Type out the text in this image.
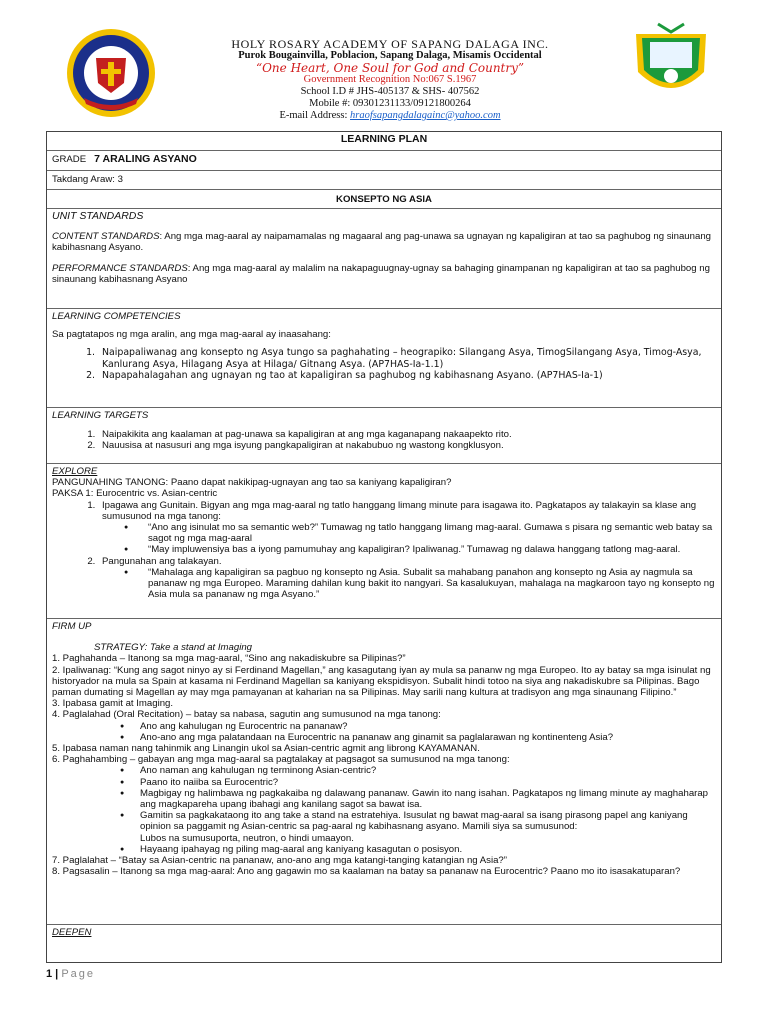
HOLY ROSARY ACADEMY OF SAPANG DALAGA INC.
Purok Bougainvilla, Poblacion, Sapang Dalaga, Misamis Occidental
“One Heart, One Soul for God and Country”
Government Recognition No:067 S.1967
School I.D # JHS-405137 & SHS- 407562
Mobile #: 09301231133/09121800264
E-mail Address: hraofsapangdalagainc@yahoo.com
LEARNING PLAN
GRADE 7 ARALING ASYANO
Takdang Araw: 3
KONSEPTO NG ASIA

UNIT STANDARDS

CONTENT STANDARDS: Ang mga mag-aaral ay naipamamalas ng magaaral ang pag-unawa sa ugnayan ng kapaligiran at tao sa paghubog ng sinaunang kabihasnang Asyano.

PERFORMANCE STANDARDS: Ang mga mag-aaral ay malalim na nakapaguugnay-ugnay sa bahaging ginampanan ng kapaligiran at tao sa paghubog ng sinaunang kabihasnang Asyano

LEARNING COMPETENCIES

Sa pagtatapos ng mga aralin, ang mga mag-aaral ay inaasahang:

1. Naipapaliwanag ang konsepto ng Asya tungo sa paghahating – heograpiko: Silangang Asya, TimogSilangang Asya, Timog-Asya, Kanlurang Asya, Hilagang Asya at Hilaga/ Gitnang Asya. (AP7HAS-Ia-1.1)
2. Napapahalagahan ang ugnayan ng tao at kapaligiran sa paghubog ng kabihasnang Asyano. (AP7HAS-Ia-1)

LEARNING TARGETS

1. Naipakikita ang kaalaman at pag-unawa sa kapaligiran at ang mga kaganapang nakaapekto rito.
2. Nauusisa at nasusuri ang mga isyung pangkapaligiran at nakabubuo ng wastong kongklusyon.

EXPLORE

PANGUNAHING TANONG: Paano dapat nakikipag-ugnayan ang tao sa kaniyang kapaligiran?

PAKSA 1: Eurocentric vs. Asian-centric

1. Ipagawa ang Gunitain. Bigyan ang mga mag-aaral ng tatlo hanggang limang minute para isagawa ito. Pagkatapos ay talakayin sa klase ang sumusunod na mga tanong:
● “Ano ang isinulat mo sa semantic web?” Tumawag ng tatlo hanggang limang mag-aaral. Gumawa s pisara ng semantic web batay sa sagot ng mga mag-aaral
● “May impluwensiya bas a iyong pamumuhay ang kapaligiran? Ipaliwanag.” Tumawag ng dalawa hanggang tatlong mag-aaral.
2. Pangunahan ang talakayan.
● “Mahalaga ang kapaligiran sa pagbuo ng konsepto ng Asia. Subalit sa mahabang panahon ang konsepto ng Asia ay nagmula sa pananaw ng mga Europeo. Maraming dahilan kung bakit ito nangyari. Sa kasalukuyan, mahalaga na magkaroon tayo ng konsepto ng Asia mula sa pananaw ng mga Asyano.”

FIRM UP

STRATEGY: Take a stand at Imaging

1. Paghahanda – Itanong sa mga mag-aaral, “Sino ang nakadiskubre sa Pilipinas?”

2. Ipaliwanag: “Kung ang sagot ninyo ay si Ferdinand Magellan,” ang kasagutang iyan ay mula sa pananw ng mga Europeo. Ito ay batay sa mga isinulat ng historyador na mula sa Spain at kasama ni Ferdinand Magellan sa kaniyang ekspidisyon. Subalit hindi totoo na siya ang nakadiskubre sa Pilipinas. Bago paman dumating si Magellan ay may mga pamayanan at kaharian na sa Pilipinas. May sarili nang kultura at tradisyon ang mga sinaunang Filipino.”

3. Ipabasa gamit at Imaging.

4. Paglalahad (Oral Recitation) – batay sa nabasa, sagutin ang sumusunod na mga tanong:

● Ano ang kahulugan ng Eurocentric na pananaw?
● Ano-ano ang mga palatandaan na Eurocentric na pananaw ang ginamit sa paglalarawan ng kontinenteng Asia?

5. Ipabasa naman nang tahinmik ang Linangin ukol sa Asian-centric agmit ang librong KAYAMANAN.

6. Paghahambing – gabayan ang mga mag-aaral sa pagtalakay at pagsagot sa sumusunod na mga tanong:

● Ano naman ang kahulugan ng terminong Asian-centric?
● Paano ito naiiba sa Eurocentric?
● Magbigay ng halimbawa ng pagkakaiba ng dalawang pananaw. Gawin ito nang isahan. Pagkatapos ng limang minute ay maghaharap ang magkapareha upang ibahagi ang kanilang sagot sa bawat isa.
● Gamitin sa pagkakataong ito ang take a stand na estratehiya. Isusulat ng bawat mag-aaral sa isang pirasong papel ang kaniyang opinion sa paggamit ng Asian-centric sa pag-aaral ng kabihasnang asyano. Mamili siya sa sumusunod:
Lubos na sumusuporta, neutron, o hindi umaayon.
● Hayaang ipahayag ng piling mag-aaral ang kaniyang kasagutan o posisyon.

7. Paglalahat – “Batay sa Asian-centric na pananaw, ano-ano ang mga katangi-tanging katangian ng Asia?”

8. Pagsasalin – Itanong sa mga mag-aaral: Ano ang gagawin mo sa kaalaman na batay sa pananaw na Eurocentric? Paano mo ito isasakatuparan?

DEEPEN

1 | Page
